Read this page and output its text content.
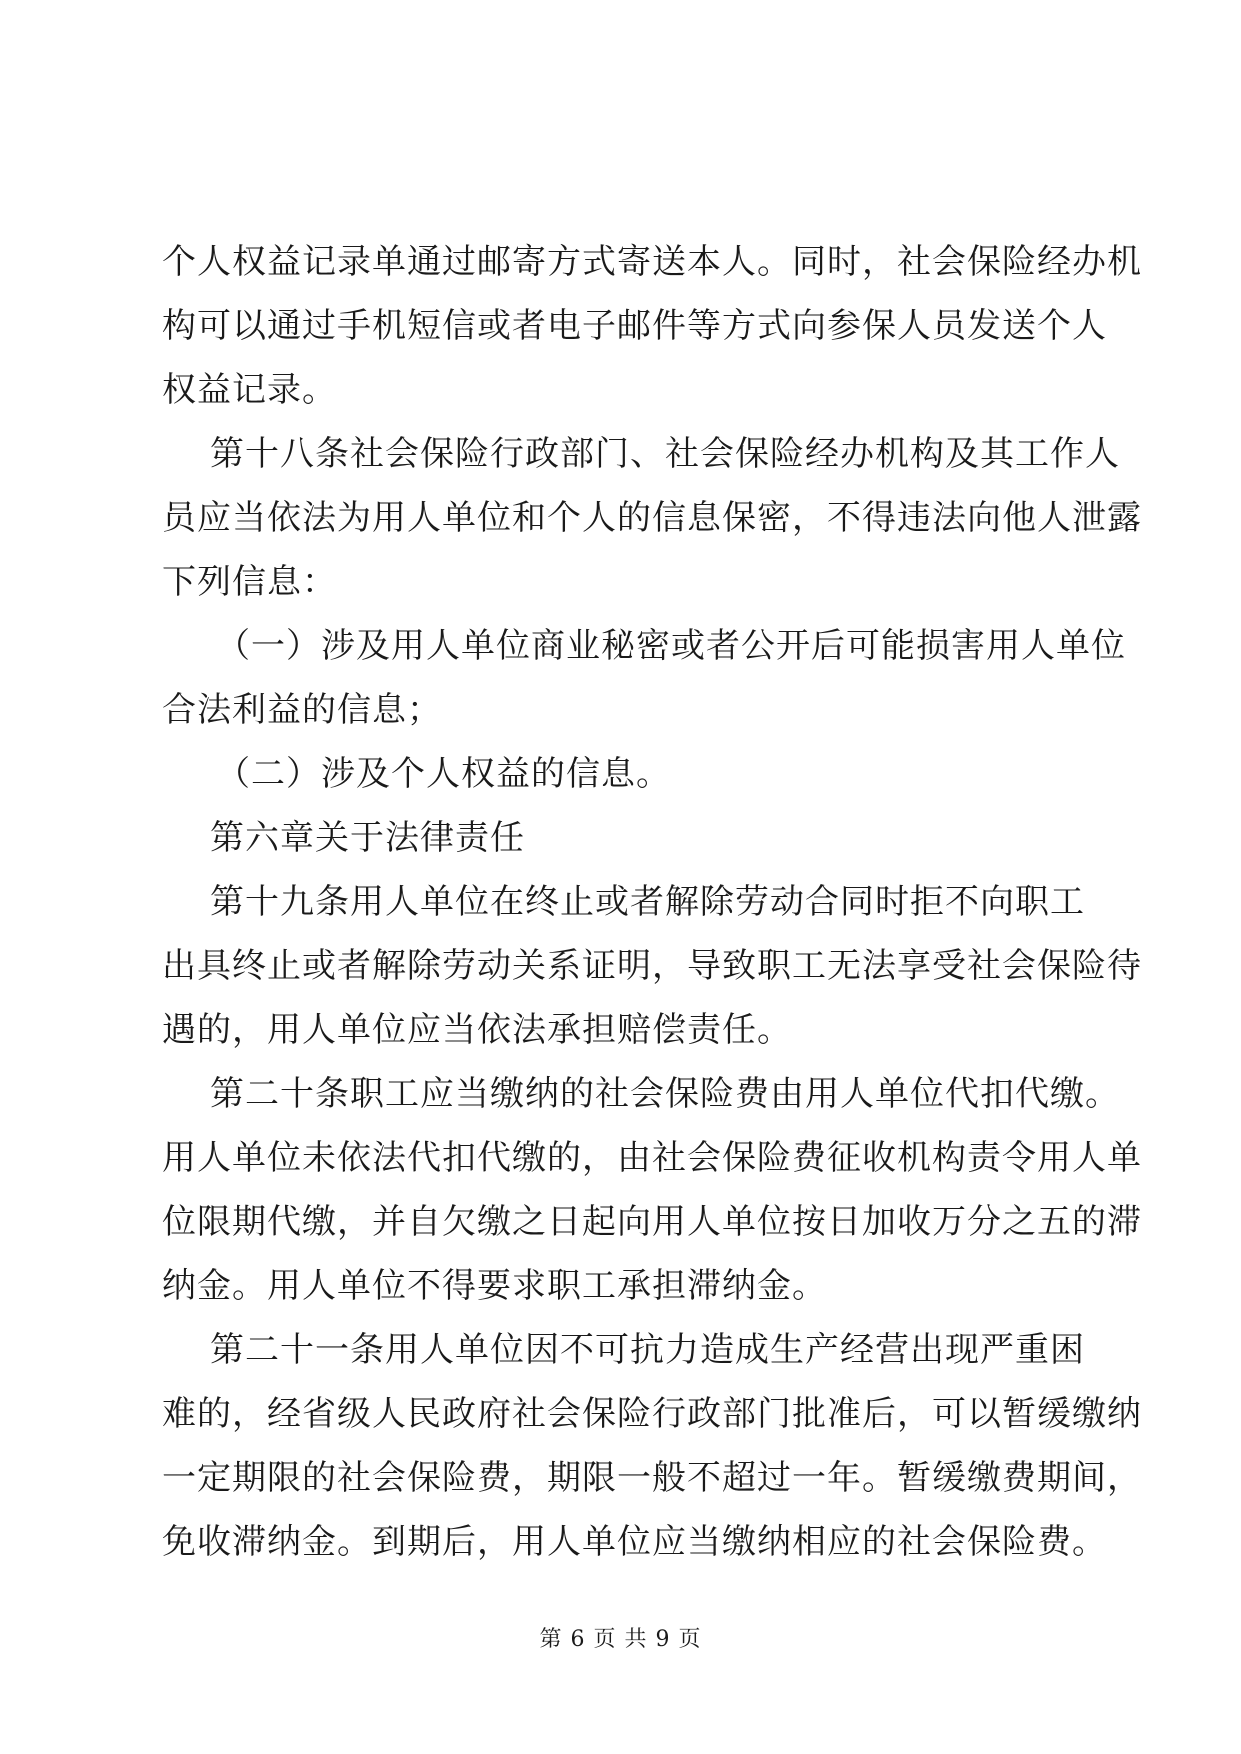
个人权益记录单通过邮寄方式寄送本人。同时，社会保险经办机
构可以通过手机短信或者电子邮件等方式向参保人员发送个人
权益记录。
第十八条社会保险行政部门、社会保险经办机构及其工作人
员应当依法为用人单位和个人的信息保密，不得违法向他人泄露
下列信息：
（一）涉及用人单位商业秘密或者公开后可能损害用人单位
合法利益的信息；
（二）涉及个人权益的信息。
第六章关于法律责任
第十九条用人单位在终止或者解除劳动合同时拒不向职工
出具终止或者解除劳动关系证明，导致职工无法享受社会保险待
遇的，用人单位应当依法承担赔偿责任。
第二十条职工应当缴纳的社会保险费由用人单位代扣代缴。
用人单位未依法代扣代缴的，由社会保险费征收机构责令用人单
位限期代缴，并自欠缴之日起向用人单位按日加收万分之五的滞
纳金。用人单位不得要求职工承担滞纳金。
第二十一条用人单位因不可抗力造成生产经营出现严重困
难的，经省级人民政府社会保险行政部门批准后，可以暂缓缴纳
一定期限的社会保险费，期限一般不超过一年。暂缓缴费期间，
免收滞纳金。到期后，用人单位应当缴纳相应的社会保险费。
第 6 页 共 9 页
